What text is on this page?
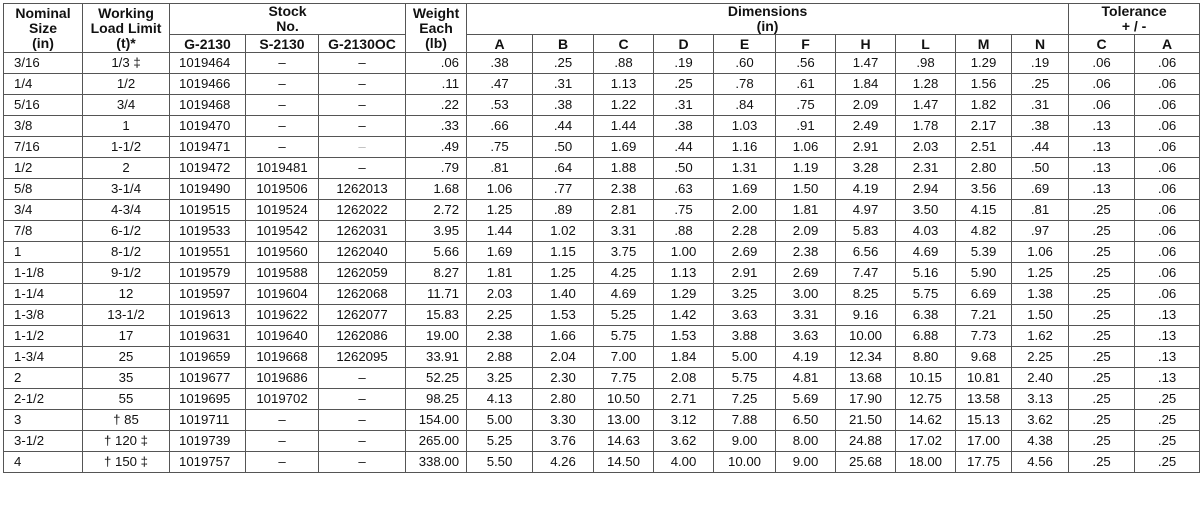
Nominal
Size
(in)	Working
Load Limit
(t)*	Stock
No.			Weight
Each
(lb)	Dimensions
(in)										Tolerance
+ / -	

		G-2130	S-2130	G-2130OC		A	B	C	D	E	F	H	L	M	N	C	A
3/16	1/3 ‡	1019464	–	–	.06	.38	.25	.88	.19	.60	.56	1.47	.98	1.29	.19	.06	.06
1/4	1/2	1019466	–	–	.11	.47	.31	1.13	.25	.78	.61	1.84	1.28	1.56	.25	.06	.06
5/16	3/4	1019468	–	–	.22	.53	.38	1.22	.31	.84	.75	2.09	1.47	1.82	.31	.06	.06
3/8	1	1019470	–	–	.33	.66	.44	1.44	.38	1.03	.91	2.49	1.78	2.17	.38	.13	.06
7/16	1-1/2	1019471	–	–	.49	.75	.50	1.69	.44	1.16	1.06	2.91	2.03	2.51	.44	.13	.06
1/2	2	1019472	1019481	–	.79	.81	.64	1.88	.50	1.31	1.19	3.28	2.31	2.80	.50	.13	.06
5/8	3-1/4	1019490	1019506	1262013	1.68	1.06	.77	2.38	.63	1.69	1.50	4.19	2.94	3.56	.69	.13	.06
3/4	4-3/4	1019515	1019524	1262022	2.72	1.25	.89	2.81	.75	2.00	1.81	4.97	3.50	4.15	.81	.25	.06
7/8	6-1/2	1019533	1019542	1262031	3.95	1.44	1.02	3.31	.88	2.28	2.09	5.83	4.03	4.82	.97	.25	.06
1	8-1/2	1019551	1019560	1262040	5.66	1.69	1.15	3.75	1.00	2.69	2.38	6.56	4.69	5.39	1.06	.25	.06
1-1/8	9-1/2	1019579	1019588	1262059	8.27	1.81	1.25	4.25	1.13	2.91	2.69	7.47	5.16	5.90	1.25	.25	.06
1-1/4	12	1019597	1019604	1262068	11.71	2.03	1.40	4.69	1.29	3.25	3.00	8.25	5.75	6.69	1.38	.25	.06
1-3/8	13-1/2	1019613	1019622	1262077	15.83	2.25	1.53	5.25	1.42	3.63	3.31	9.16	6.38	7.21	1.50	.25	.13
1-1/2	17	1019631	1019640	1262086	19.00	2.38	1.66	5.75	1.53	3.88	3.63	10.00	6.88	7.73	1.62	.25	.13
1-3/4	25	1019659	1019668	1262095	33.91	2.88	2.04	7.00	1.84	5.00	4.19	12.34	8.80	9.68	2.25	.25	.13
2	35	1019677	1019686	–	52.25	3.25	2.30	7.75	2.08	5.75	4.81	13.68	10.15	10.81	2.40	.25	.13
2-1/2	55	1019695	1019702	–	98.25	4.13	2.80	10.50	2.71	7.25	5.69	17.90	12.75	13.58	3.13	.25	.25
3	† 85	1019711	–	–	154.00	5.00	3.30	13.00	3.12	7.88	6.50	21.50	14.62	15.13	3.62	.25	.25
3-1/2	† 120 ‡	1019739	–	–	265.00	5.25	3.76	14.63	3.62	9.00	8.00	24.88	17.02	17.00	4.38	.25	.25
4	† 150 ‡	1019757	–	–	338.00	5.50	4.26	14.50	4.00	10.00	9.00	25.68	18.00	17.75	4.56	.25	.25
